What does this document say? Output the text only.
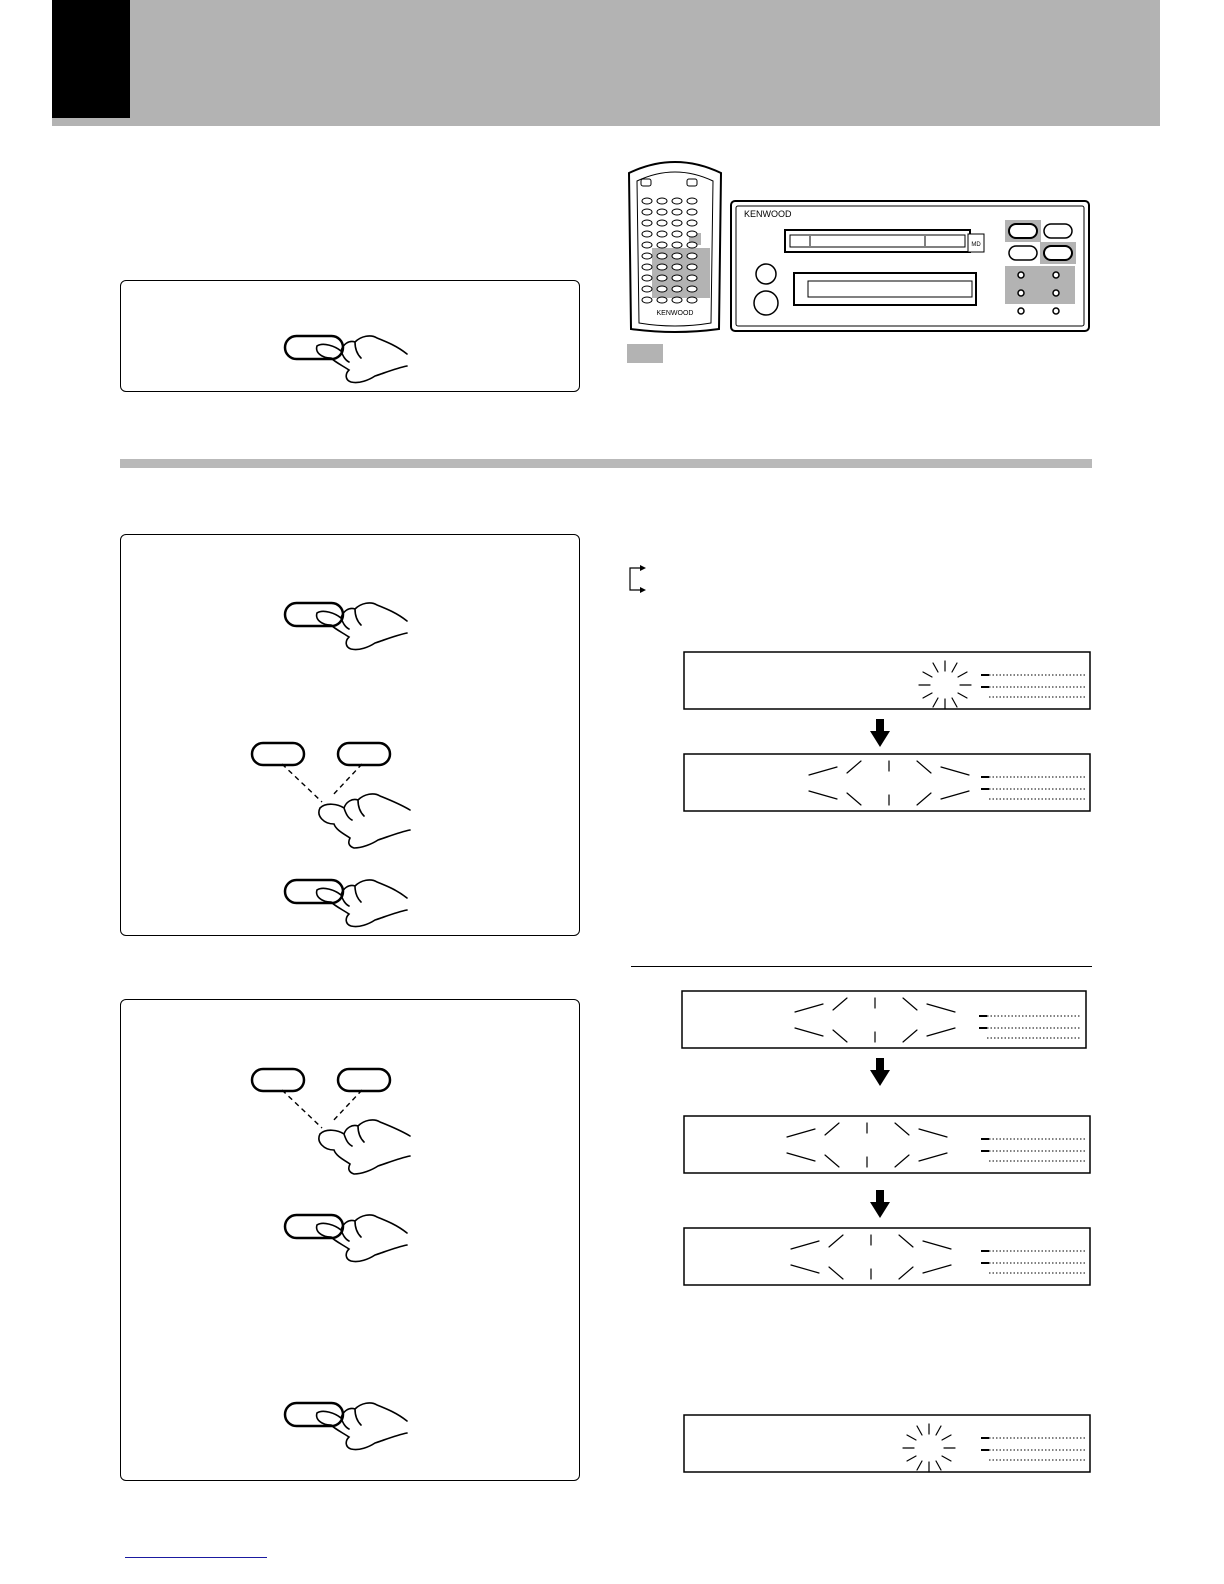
KENWOOD
KENWOOD
MD
